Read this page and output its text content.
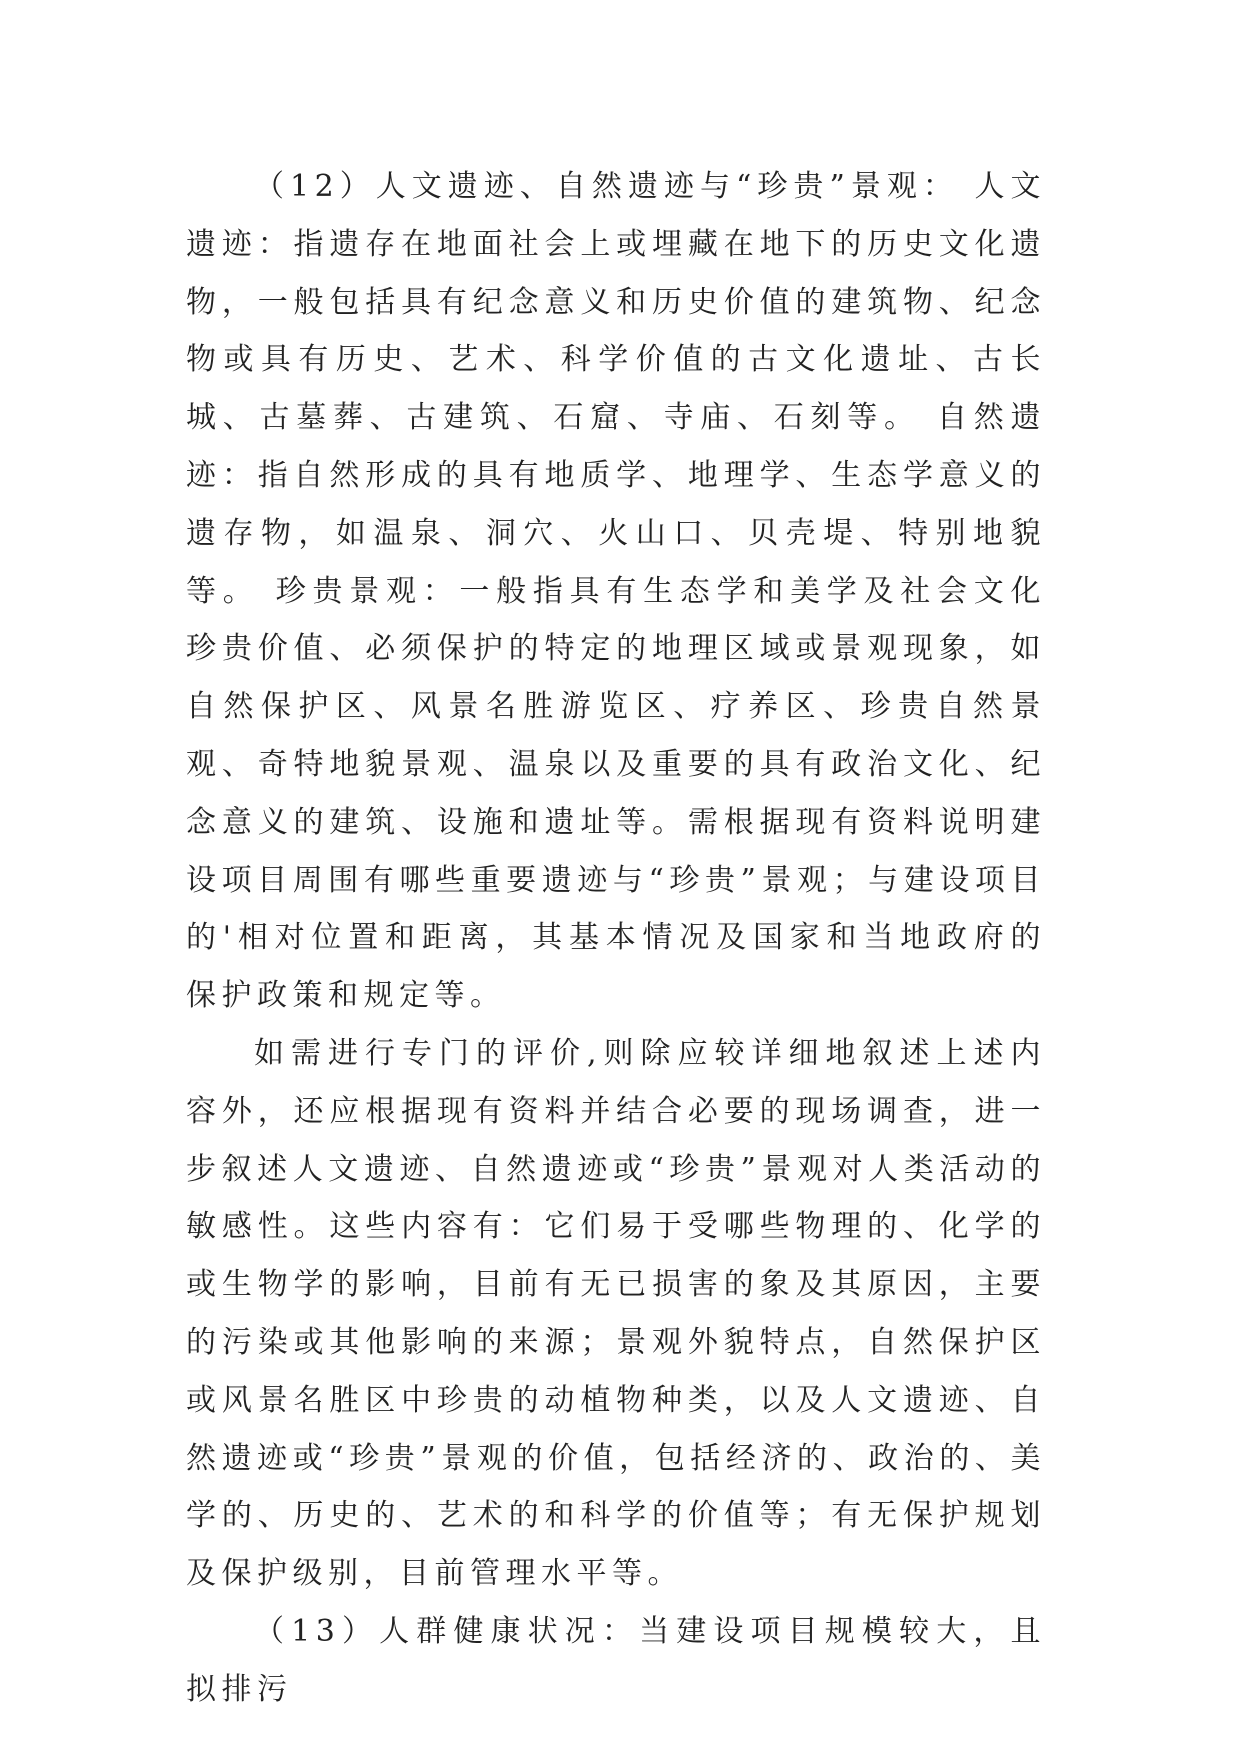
（12）人文遗迹、自然遗迹与“珍贵”景观： 人文遗迹：指遗存在地面社会上或埋藏在地下的历史文化遗物，一般包括具有纪念意义和历史价值的建筑物、纪念物或具有历史、艺术、科学价值的古文化遗址、古长城、古墓葬、古建筑、石窟、寺庙、石刻等。 自然遗迹：指自然形成的具有地质学、地理学、生态学意义的遗存物，如温泉、洞穴、火山口、贝壳堤、特别地貌等。 珍贵景观：一般指具有生态学和美学及社会文化珍贵价值、必须保护的特定的地理区域或景观现象，如自然保护区、风景名胜游览区、疗养区、珍贵自然景观、奇特地貌景观、温泉以及重要的具有政治文化、纪念意义的建筑、设施和遗址等。需根据现有资料说明建设项目周围有哪些重要遗迹与“珍贵”景观；与建设项目的'相对位置和距离，其基本情况及国家和当地政府的保护政策和规定等。

如需进行专门的评价,则除应较详细地叙述上述内容外，还应根据现有资料并结合必要的现场调查，进一步叙述人文遗迹、自然遗迹或“珍贵”景观对人类活动的敏感性。这些内容有：它们易于受哪些物理的、化学的或生物学的影响，目前有无已损害的象及其原因，主要的污染或其他影响的来源；景观外貌特点，自然保护区或风景名胜区中珍贵的动植物种类，以及人文遗迹、自然遗迹或“珍贵”景观的价值，包括经济的、政治的、美学的、历史的、艺术的和科学的价值等；有无保护规划及保护级别，目前管理水平等。

（13）人群健康状况：当建设项目规模较大，且拟排污
